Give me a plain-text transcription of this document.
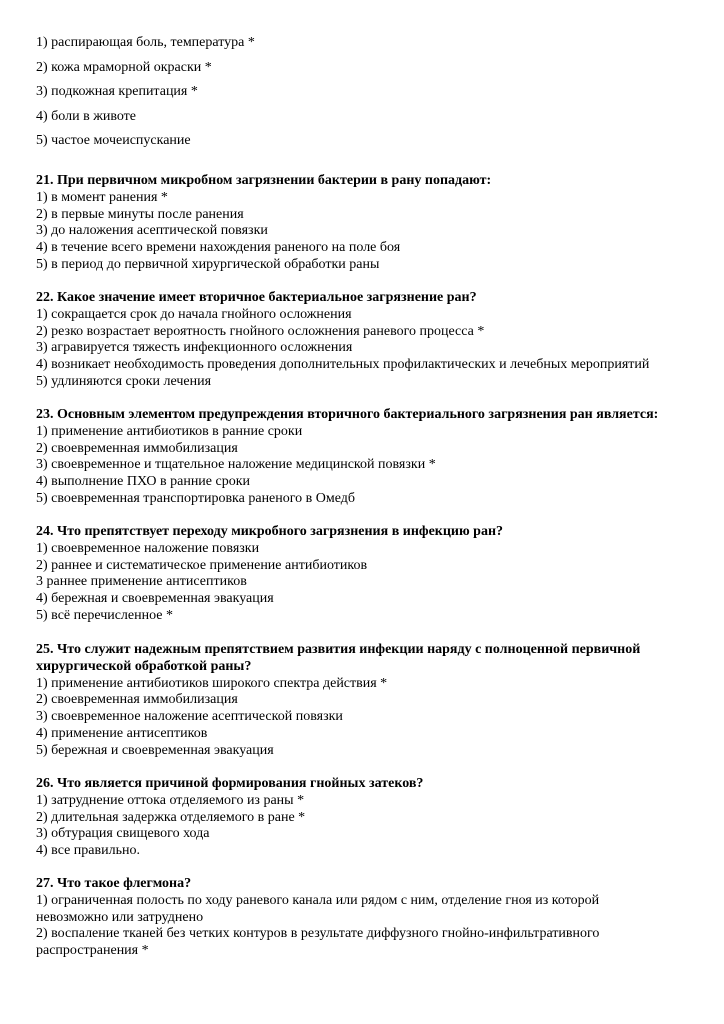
1) распирающая боль, температура *
2) кожа мраморной окраски *
3) подкожная крепитация *
4) боли в животе
5) частое мочеиспускание
21. При первичном микробном загрязнении бактерии в рану попадают:
1) в момент ранения *
2) в первые минуты после ранения
3) до наложения асептической повязки
4) в течение всего времени нахождения раненого на поле боя
5) в период до первичной хирургической обработки раны
22. Какое значение имеет вторичное бактериальное загрязнение ран?
1) сокращается срок до начала гнойного осложнения
2) резко возрастает вероятность гнойного осложнения раневого процесса *
3) агравируется тяжесть инфекционного осложнения
4) возникает необходимость проведения дополнительных профилактических и лечебных мероприятий
5) удлиняются сроки лечения
23. Основным элементом предупреждения вторичного бактериального загрязнения ран является:
1) применение антибиотиков в ранние сроки
2) своевременная иммобилизация
3) своевременное и тщательное наложение медицинской повязки *
4) выполнение ПХО в ранние сроки
5) своевременная транспортировка раненого в Омедб
24. Что препятствует переходу микробного загрязнения в инфекцию ран?
1) своевременное наложение повязки
2) раннее и систематическое применение антибиотиков
3 раннее применение антисептиков
4) бережная и своевременная эвакуация
5) всё перечисленное *
25. Что служит надежным препятствием развития инфекции наряду с полноценной первичной хирургической обработкой раны?
1) применение антибиотиков широкого спектра действия *
2) своевременная иммобилизация
3) своевременное наложение асептической повязки
4) применение антисептиков
5) бережная и своевременная эвакуация
26. Что является причиной формирования гнойных затеков?
1) затруднение оттока отделяемого из раны *
2) длительная задержка отделяемого в ране *
3) обтурация свищевого хода
4) все правильно.
27. Что такое флегмона?
1) ограниченная полость по ходу раневого канала или рядом с ним, отделение гноя из которой невозможно или затруднено
2) воспаление тканей без четких контуров в результате диффузного гнойно-инфильтративного распространения *
